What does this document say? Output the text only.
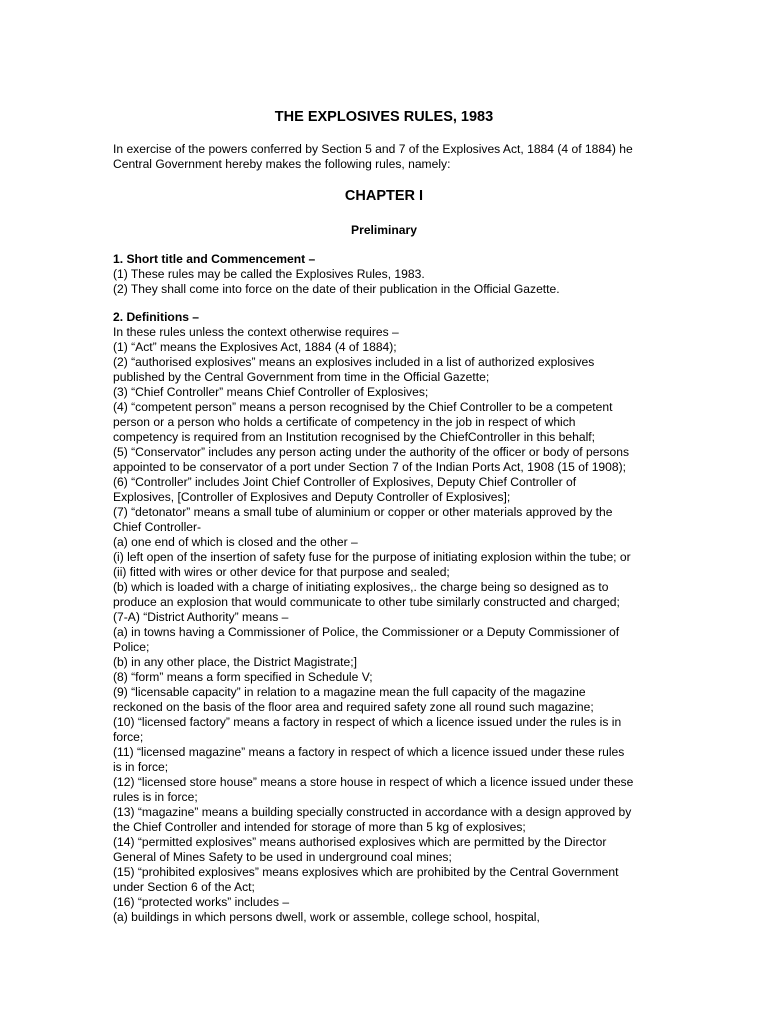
THE EXPLOSIVES RULES, 1983
In exercise of the powers conferred by Section 5 and 7 of the Explosives Act, 1884 (4 of 1884) he
Central Government hereby makes the following rules, namely:
CHAPTER I
Preliminary
1. Short title and Commencement –
(1) These rules may be called the Explosives Rules, 1983.
(2) They shall come into force on the date of their publication in the Official Gazette.
2. Definitions –
In these rules unless the context otherwise requires –
(1) “Act” means the Explosives Act, 1884 (4 of 1884);
(2) “authorised explosives” means an explosives included in a list of authorized explosives
published by the Central Government from time in the Official Gazette;
(3) “Chief Controller” means Chief Controller of Explosives;
(4) “competent person” means a person recognised by the Chief Controller to be a competent
person or a person who holds a certificate of competency in the job in respect of which
competency is required from an Institution recognised by the ChiefController in this behalf;
(5) “Conservator” includes any person acting under the authority of the officer or body of persons
appointed to be conservator of a port under Section 7 of the Indian Ports Act, 1908 (15 of 1908);
(6) “Controller” includes Joint Chief Controller of Explosives, Deputy Chief Controller of
Explosives, [Controller of Explosives and Deputy Controller of Explosives];
(7) “detonator” means a small tube of aluminium or copper or other materials approved by the
Chief Controller-
(a) one end of which is closed and the other –
(i) left open of the insertion of safety fuse for the purpose of initiating explosion within the tube; or
(ii) fitted with wires or other device for that purpose and sealed;
(b) which is loaded with a charge of initiating explosives,. the charge being so designed as to
produce an explosion that would communicate to other tube similarly constructed and charged;
(7-A) “District Authority” means –
(a) in towns having a Commissioner of Police, the Commissioner or a Deputy Commissioner of
Police;
(b) in any other place, the District Magistrate;]
(8) “form” means a form specified in Schedule V;
(9) “licensable capacity” in relation to a magazine mean the full capacity of the magazine
reckoned on the basis of the floor area and required safety zone all round such magazine;
(10) “licensed factory” means a factory in respect of which a licence issued under the rules is in
force;
(11) “licensed magazine” means a factory in respect of which a licence issued under these rules
is in force;
(12) “licensed store house” means a store house in respect of which a licence issued under these
rules is in force;
(13) “magazine” means a building specially constructed in accordance with a design approved by
the Chief Controller and intended for storage of more than 5 kg of explosives;
(14) “permitted explosives” means authorised explosives which are permitted by the Director
General of Mines Safety to be used in underground coal mines;
(15) “prohibited explosives” means explosives which are prohibited by the Central Government
under Section 6 of the Act;
(16) “protected works” includes –
(a) buildings in which persons dwell, work or assemble, college school, hospital,
